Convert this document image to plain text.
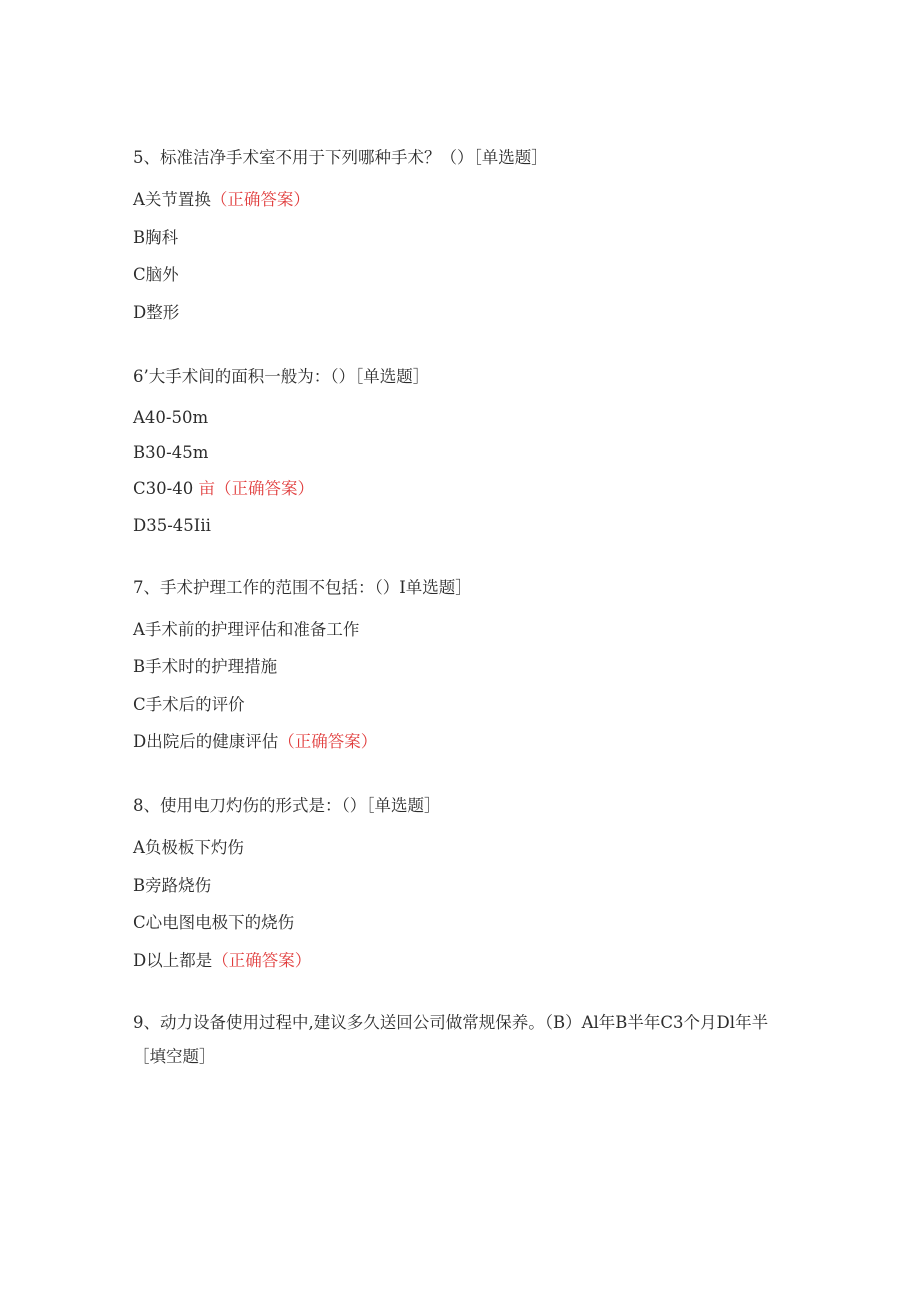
5、标准洁净手术室不用于下列哪种手术？（）［单选题］
A关节置换（正确答案）
B胸科
C脑外
D整形
6’大手术间的面积一般为：（）［单选题］
A40-50m
B30-45m
C30-40 亩（正确答案）
D35-45Iii
7、手术护理工作的范围不包括：（）I单选题］
A手术前的护理评估和准备工作
B手术时的护理措施
C手术后的评价
D出院后的健康评估（正确答案）
8、使用电刀灼伤的形式是：（）［单选题］
A负极板下灼伤
B旁路烧伤
C心电图电极下的烧伤
D以上都是（正确答案）
9、动力设备使用过程中,建议多久送回公司做常规保养。（B）Al年B半年C3个月Dl年半［填空题］
